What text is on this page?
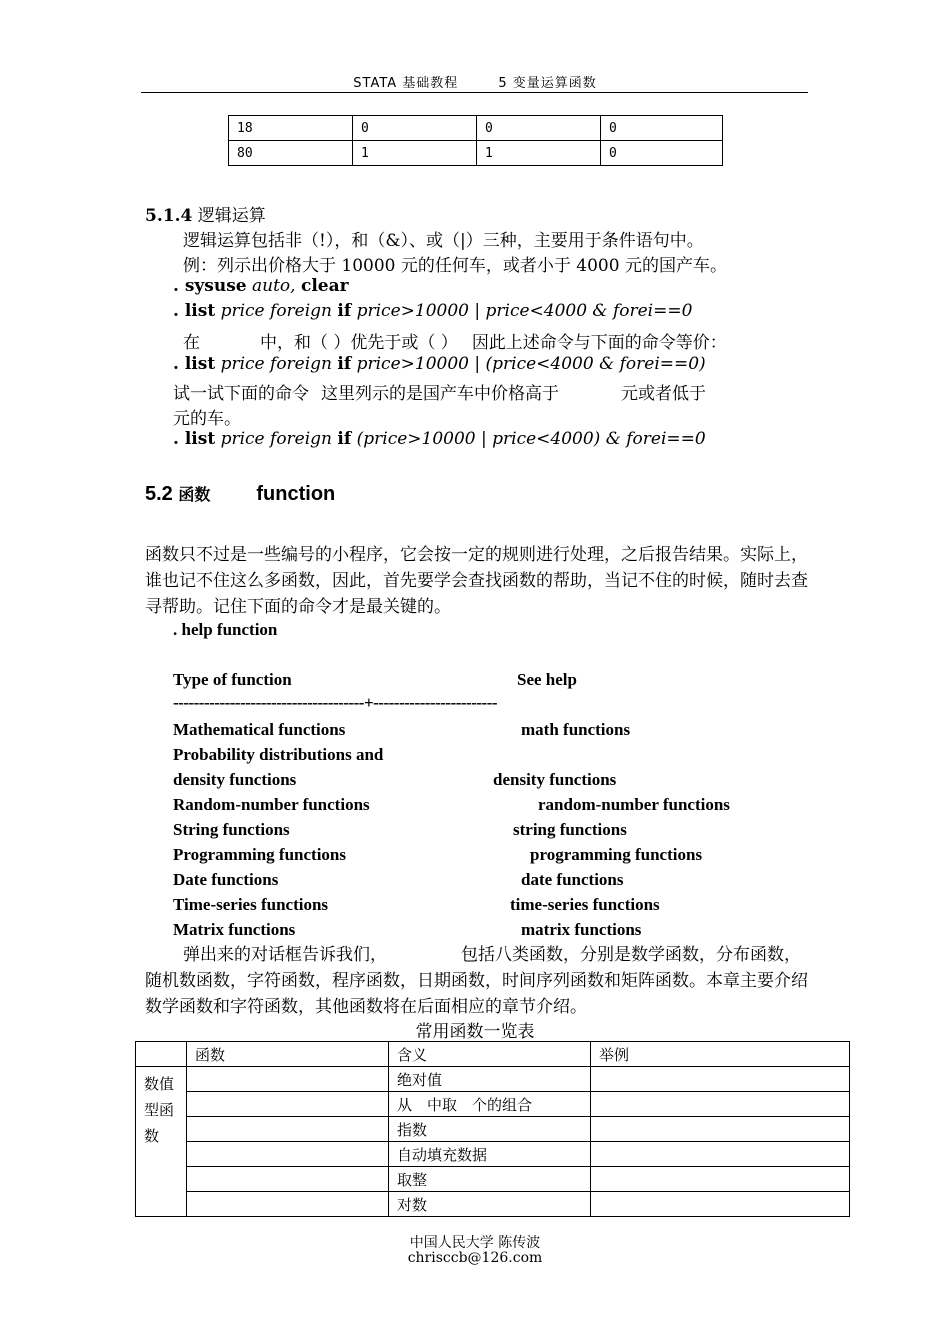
STATA 基础教程	5 变量运算函数
18	0	0	0
80	1	1	0
5.1.4 逻辑运算
逻辑运算包括非（!），和（&）、或（|）三种，主要用于条件语句中。
例：列示出价格大于 10000 元的任何车，或者小于 4000 元的国产车。
. sysuse auto, clear
. list price foreign if price>10000 | price<4000 & forei==0
在	中，和（ ）优先于或（ ） 因此上述命令与下面的命令等价：
. list price foreign if price>10000 | (price<4000 & forei==0)
试一试下面的命令 这里列示的是国产车中价格高于	元或者低于
元的车。
. list price foreign if (price>10000 | price<4000) & forei==0
5.2 函数 function
函数只不过是一些编号的小程序，它会按一定的规则进行处理，之后报告结果。实际上，谁也记不住这么多函数，因此，首先要学会查找函数的帮助，当记不住的时候，随时去查寻帮助。记住下面的命令才是最关键的。
. help function
Type of function	See help
-------------------------------------+------------------------
Mathematical functions	math functions
Probability distributions and
density functions	density functions
Random-number functions	random-number functions
String functions	string functions
Programming functions	programming functions
Date functions	date functions
Time-series functions	time-series functions
Matrix functions	matrix functions
弹出来的对话框告诉我们，	包括八类函数，分别是数学函数，分布函数，随机数函数，字符函数，程序函数，日期函数，时间序列函数和矩阵函数。本章主要介绍数学函数和字符函数，其他函数将在后面相应的章节介绍。
常用函数一览表
	函数	含义	举例
数值型函数		绝对值	
		从　中取　个的组合	
		指数	
		自动填充数据	
		取整	
		对数	
中国人民大学 陈传波
chriscсb@126.com
